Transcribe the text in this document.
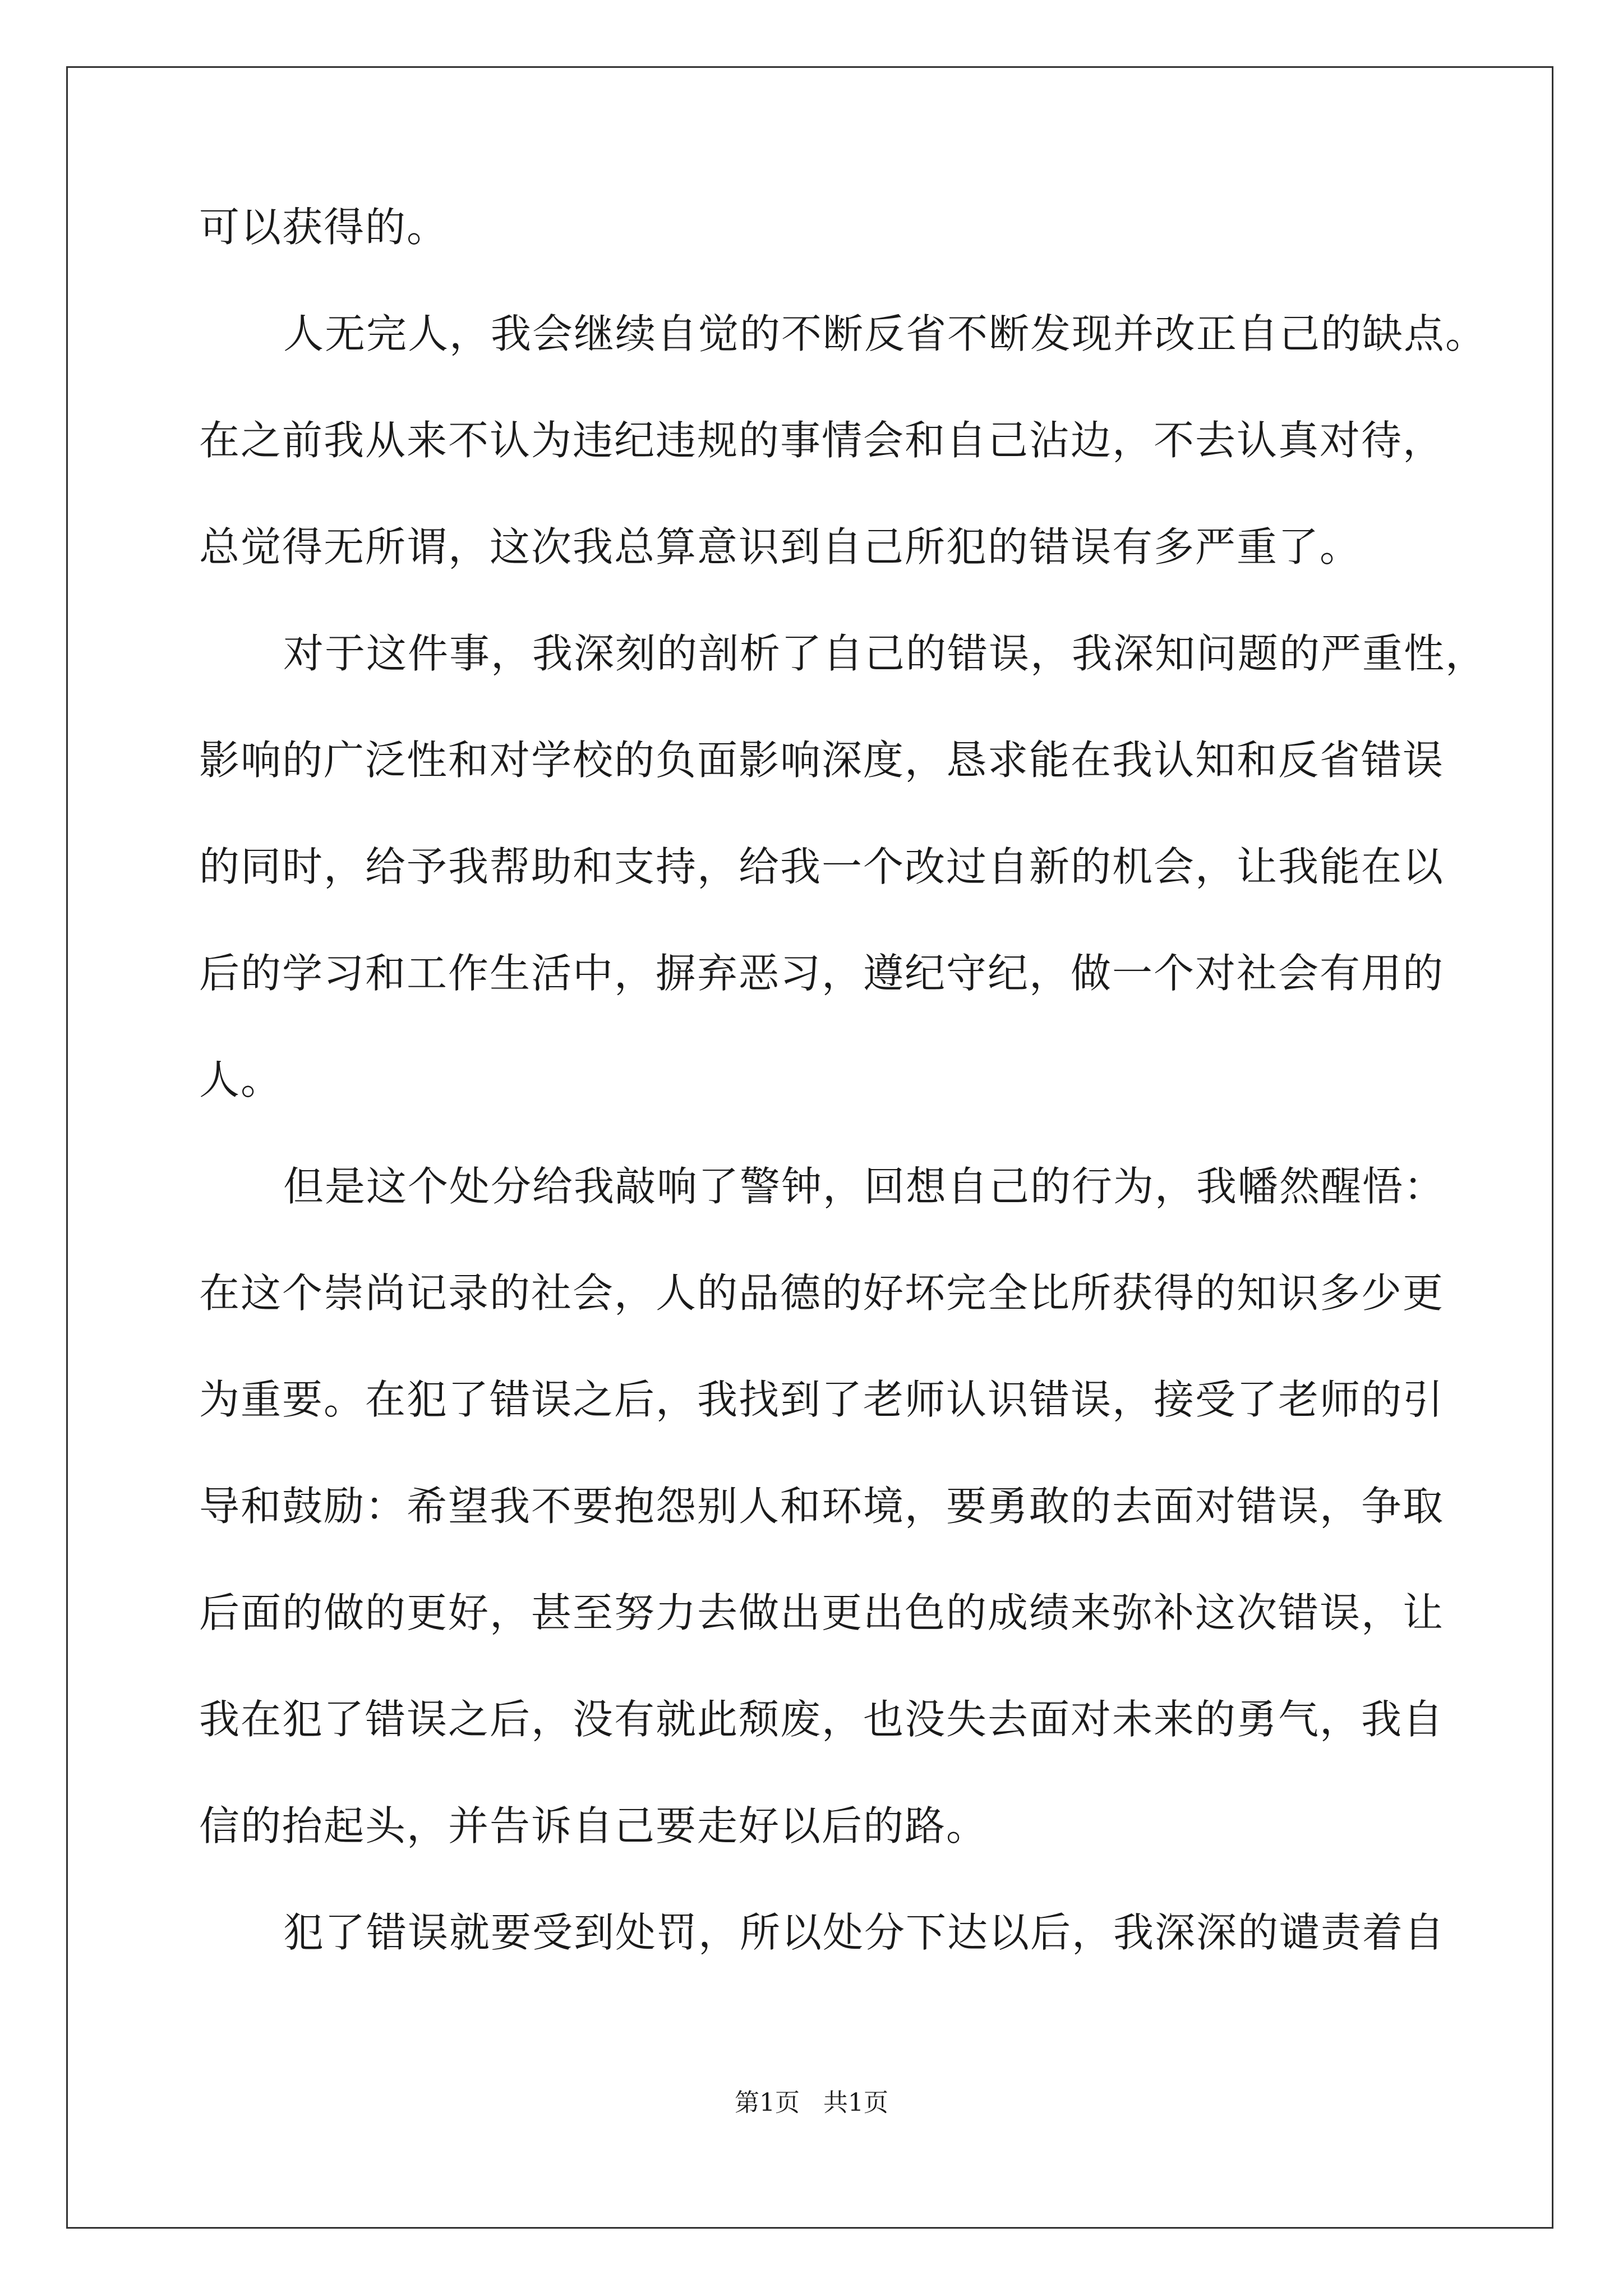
可以获得的。
人无完人，我会继续自觉的不断反省不断发现并改正自己的缺点。
在之前我从来不认为违纪违规的事情会和自己沾边，不去认真对待，
总觉得无所谓，这次我总算意识到自己所犯的错误有多严重了。
对于这件事，我深刻的剖析了自己的错误，我深知问题的严重性，
影响的广泛性和对学校的负面影响深度，恳求能在我认知和反省错误
的同时，给予我帮助和支持，给我一个改过自新的机会，让我能在以
后的学习和工作生活中，摒弃恶习，遵纪守纪，做一个对社会有用的
人。
但是这个处分给我敲响了警钟，回想自己的行为，我幡然醒悟：
在这个崇尚记录的社会，人的品德的好坏完全比所获得的知识多少更
为重要。在犯了错误之后，我找到了老师认识错误，接受了老师的引
导和鼓励：希望我不要抱怨别人和环境，要勇敢的去面对错误，争取
后面的做的更好，甚至努力去做出更出色的成绩来弥补这次错误，让
我在犯了错误之后，没有就此颓废，也没失去面对未来的勇气，我自
信的抬起头，并告诉自己要走好以后的路。
犯了错误就要受到处罚，所以处分下达以后，我深深的谴责着自
第1页 共1页
